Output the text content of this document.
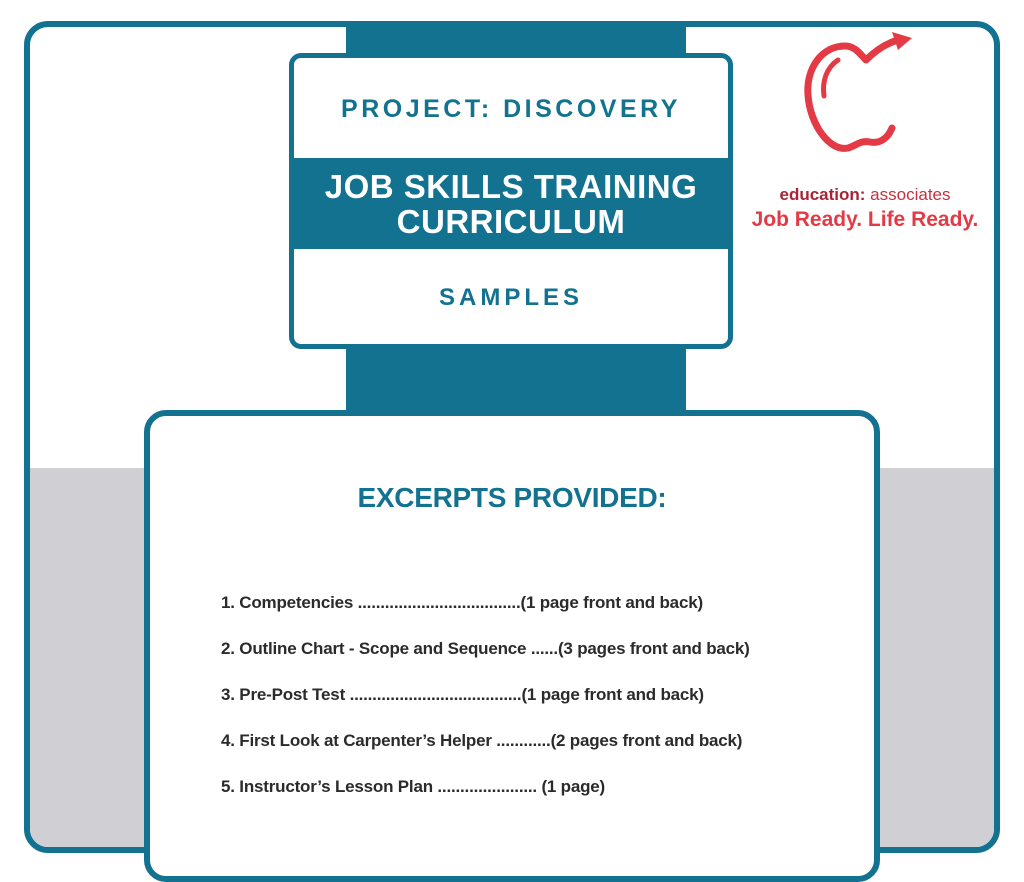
PROJECT: DISCOVERY
JOB SKILLS TRAINING
CURRICULUM
SAMPLES
education: associates
Job Ready. Life Ready.
EXCERPTS PROVIDED:
1. Competencies ....................................(1 page front and back)
2. Outline Chart - Scope and Sequence ......(3 pages front and back)
3. Pre-Post Test ......................................(1 page front and back)
4. First Look at Carpenter’s Helper ............(2 pages front and back)
5. Instructor’s Lesson Plan ...................... (1 page)
